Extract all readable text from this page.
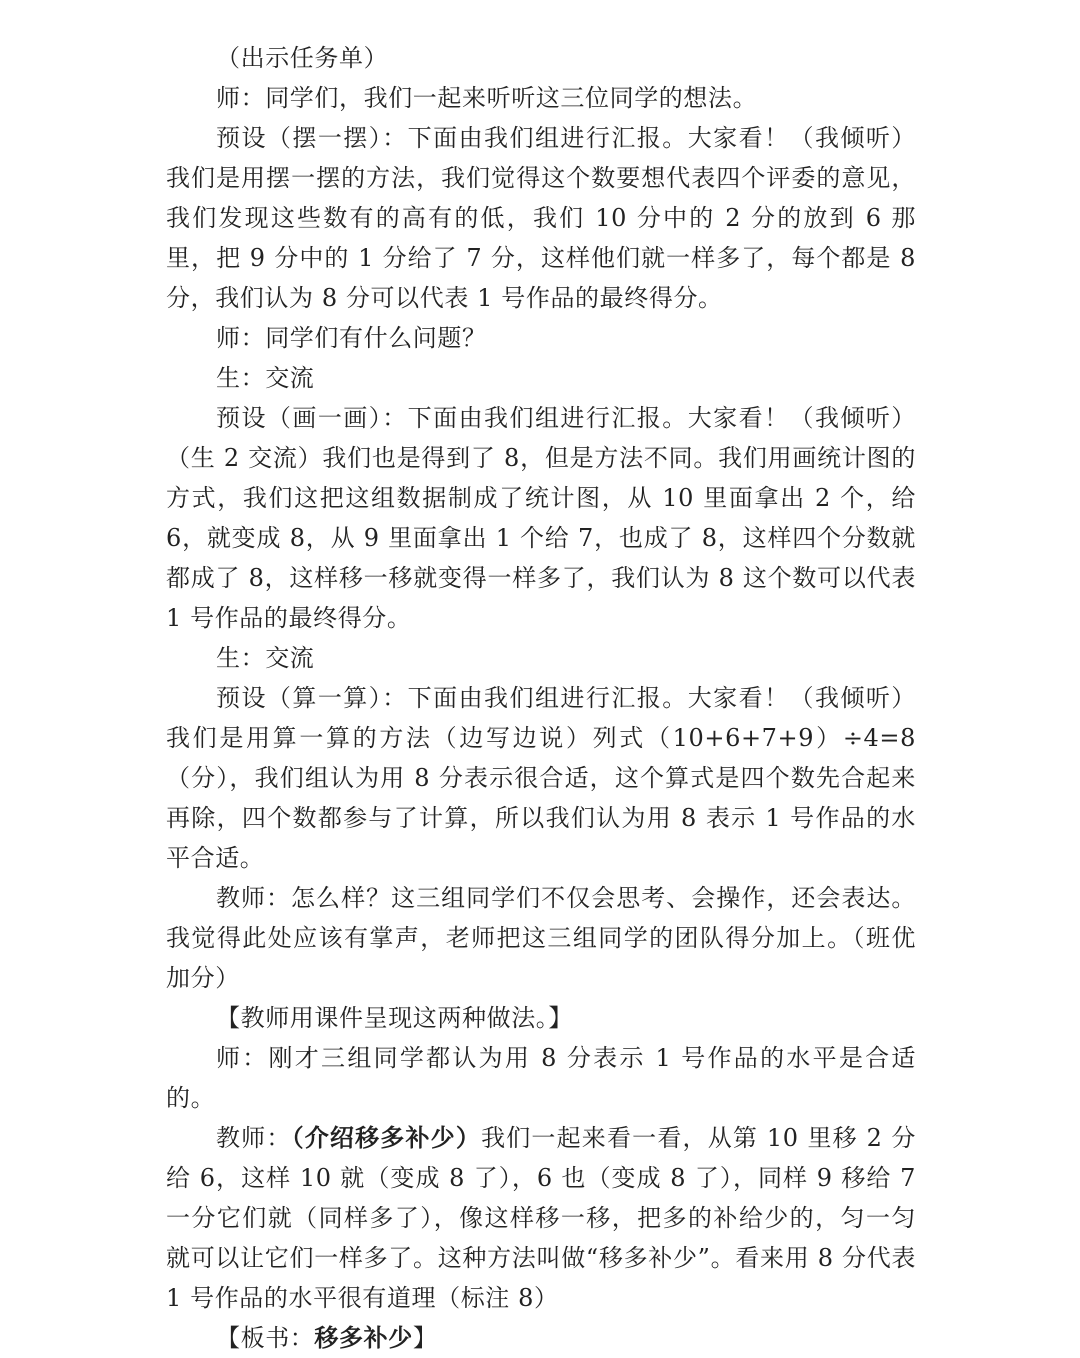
（出示任务单）

师：同学们，我们一起来听听这三位同学的想法。

预设（摆一摆）：下面由我们组进行汇报。大家看！（我倾听）我们是用摆一摆的方法，我们觉得这个数要想代表四个评委的意见，我们发现这些数有的高有的低，我们 10 分中的 2 分的放到 6 那里，把 9 分中的 1 分给了 7 分，这样他们就一样多了，每个都是 8 分，我们认为 8 分可以代表 1 号作品的最终得分。

师：同学们有什么问题？

生：交流

预设（画一画）：下面由我们组进行汇报。大家看！（我倾听）（生 2 交流）我们也是得到了 8，但是方法不同。我们用画统计图的方式，我们这把这组数据制成了统计图，从 10 里面拿出 2 个，给 6，就变成 8，从 9 里面拿出 1 个给 7，也成了 8，这样四个分数就都成了 8，这样移一移就变得一样多了，我们认为 8 这个数可以代表 1 号作品的最终得分。

生：交流

预设（算一算）：下面由我们组进行汇报。大家看！（我倾听）我们是用算一算的方法（边写边说）列式（10+6+7+9）÷4=8（分），我们组认为用 8 分表示很合适，这个算式是四个数先合起来再除，四个数都参与了计算，所以我们认为用 8 表示 1 号作品的水平合适。

教师：怎么样？这三组同学们不仅会思考、会操作，还会表达。我觉得此处应该有掌声，老师把这三组同学的团队得分加上。（班优加分）

【教师用课件呈现这两种做法。】

师：刚才三组同学都认为用 8 分表示 1 号作品的水平是合适的。

教师：（介绍移多补少）我们一起来看一看，从第 10 里移 2 分给 6，这样 10 就（变成 8 了），6 也（变成 8 了），同样 9 移给 7 一分它们就（同样多了），像这样移一移，把多的补给少的，匀一匀就可以让它们一样多了。这种方法叫做“移多补少”。看来用 8 分代表 1 号作品的水平很有道理（标注 8）

【板书：移多补少】
